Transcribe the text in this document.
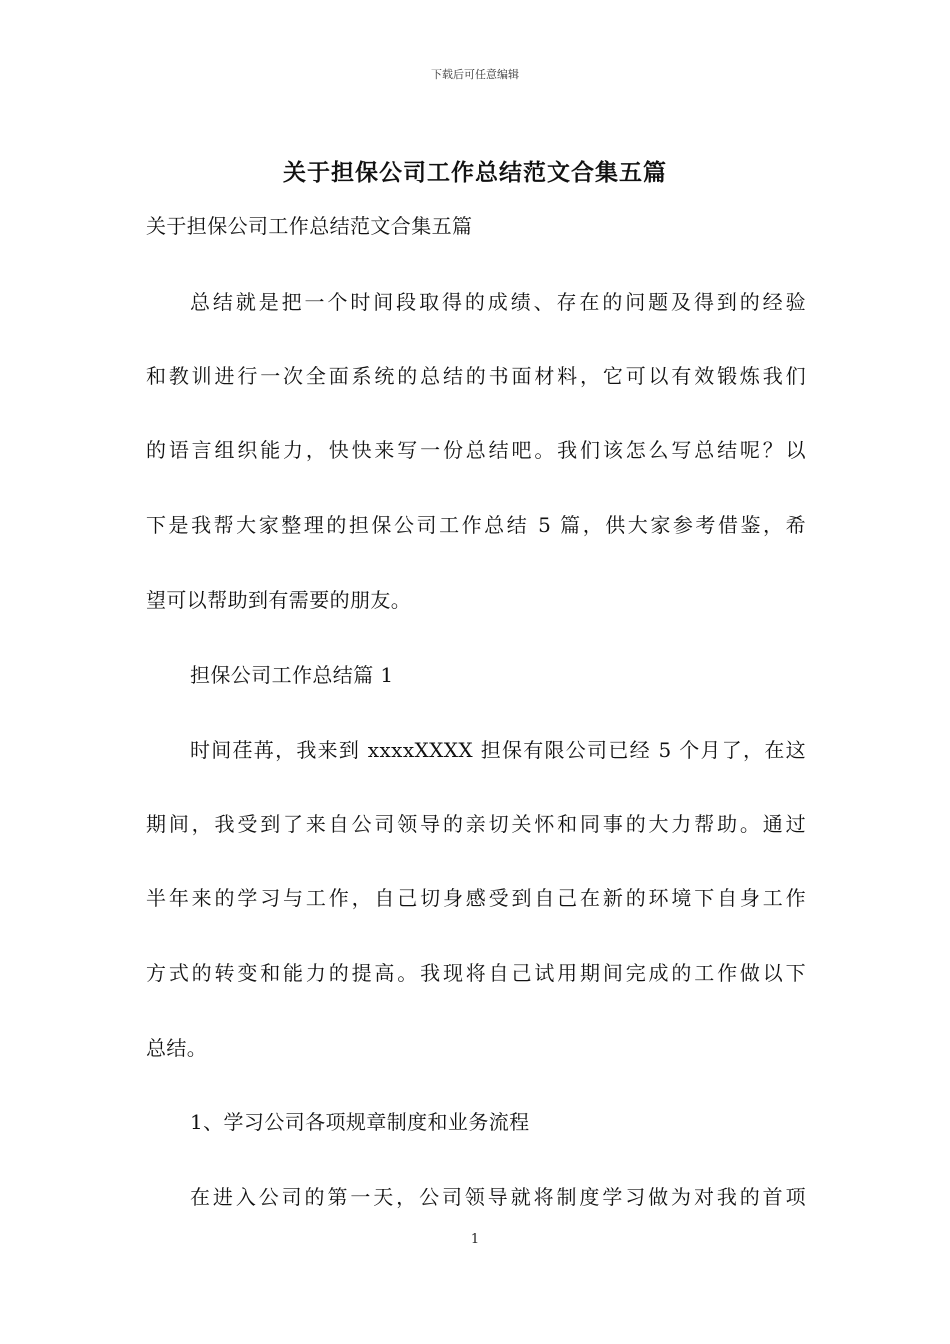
下载后可任意编辑
关于担保公司工作总结范文合集五篇
关于担保公司工作总结范文合集五篇
总结就是把一个时间段取得的成绩、存在的问题及得到的经验
和教训进行一次全面系统的总结的书面材料，它可以有效锻炼我们
的语言组织能力，快快来写一份总结吧。我们该怎么写总结呢？以
下是我帮大家整理的担保公司工作总结 5 篇，供大家参考借鉴，希
望可以帮助到有需要的朋友。
担保公司工作总结篇 1
时间荏苒，我来到 xxxxXXXX 担保有限公司已经 5 个月了，在这
期间，我受到了来自公司领导的亲切关怀和同事的大力帮助。通过
半年来的学习与工作，自己切身感受到自己在新的环境下自身工作
方式的转变和能力的提高。我现将自己试用期间完成的工作做以下
总结。
1、学习公司各项规章制度和业务流程
在进入公司的第一天，公司领导就将制度学习做为对我的首项
1
